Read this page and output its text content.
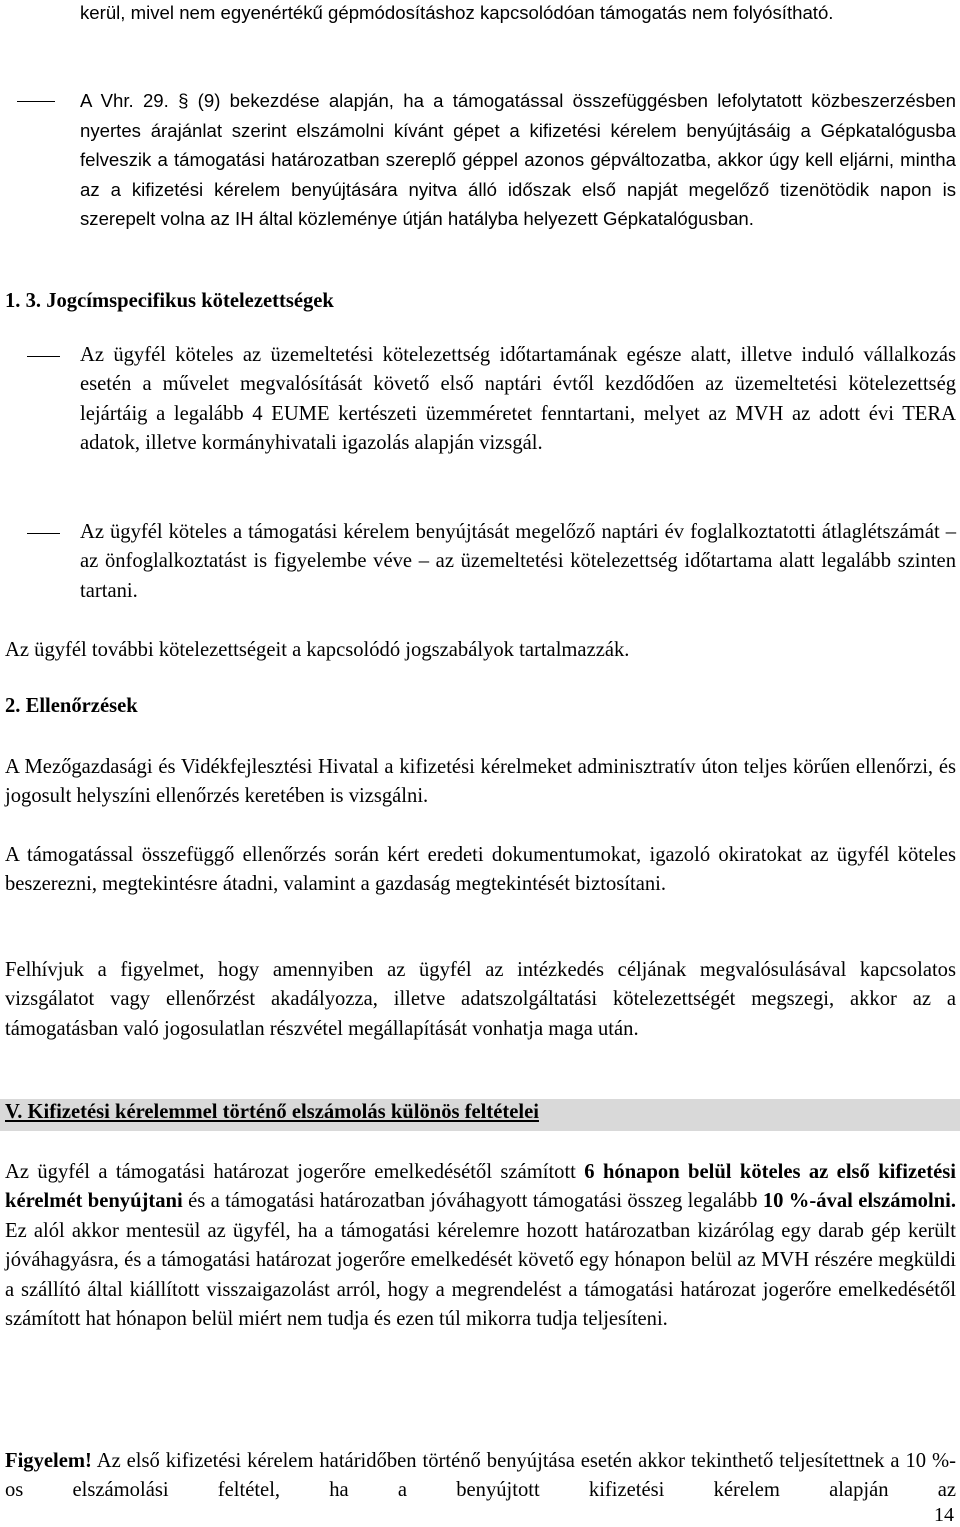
kerül, mivel nem egyenértékű gépmódosításhoz kapcsolódóan támogatás nem folyósítható.

A Vhr. 29. § (9) bekezdése alapján, ha a támogatással összefüggésben lefolytatott közbeszerzésben nyertes árajánlat szerint elszámolni kívánt gépet a kifizetési kérelem benyújtásáig a Gépkatalógusba felveszik a támogatási határozatban szereplő géppel azonos gépváltozatba, akkor úgy kell eljárni, mintha az a kifizetési kérelem benyújtására nyitva álló időszak első napját megelőző tizenötödik napon is szerepelt volna az IH által közleménye útján hatályba helyezett Gépkatalógusban.

1. 3. Jogcímspecifikus kötelezettségek

Az ügyfél köteles az üzemeltetési kötelezettség időtartamának egésze alatt, illetve induló vállalkozás esetén a művelet megvalósítását követő első naptári évtől kezdődően az üzemeltetési kötelezettség lejártáig a legalább 4 EUME kertészeti üzemméretet fenntartani, melyet az MVH az adott évi TERA adatok, illetve kormányhivatali igazolás alapján vizsgál.

Az ügyfél köteles a támogatási kérelem benyújtását megelőző naptári év foglalkoztatotti átlaglétszámát – az önfoglalkoztatást is figyelembe véve – az üzemeltetési kötelezettség időtartama alatt legalább szinten tartani.

Az ügyfél további kötelezettségeit a kapcsolódó jogszabályok tartalmazzák.

2. Ellenőrzések

A Mezőgazdasági és Vidékfejlesztési Hivatal a kifizetési kérelmeket adminisztratív úton teljes körűen ellenőrzi, és jogosult helyszíni ellenőrzés keretében is vizsgálni.

A támogatással összefüggő ellenőrzés során kért eredeti dokumentumokat, igazoló okiratokat az ügyfél köteles beszerezni, megtekintésre átadni, valamint a gazdaság megtekintését biztosítani.

Felhívjuk a figyelmet, hogy amennyiben az ügyfél az intézkedés céljának megvalósulásával kapcsolatos vizsgálatot vagy ellenőrzést akadályozza, illetve adatszolgáltatási kötelezettségét megszegi, akkor az a támogatásban való jogosulatlan részvétel megállapítását vonhatja maga után.

V. Kifizetési kérelemmel történő elszámolás különös feltételei

Az ügyfél a támogatási határozat jogerőre emelkedésétől számított 6 hónapon belül köteles az első kifizetési kérelmét benyújtani és a támogatási határozatban jóváhagyott támogatási összeg legalább 10 %-ával elszámolni. Ez alól akkor mentesül az ügyfél, ha a támogatási kérelemre hozott határozatban kizárólag egy darab gép került jóváhagyásra, és a támogatási határozat jogerőre emelkedését követő egy hónapon belül az MVH részére megküldi a szállító által kiállított visszaigazolást arról, hogy a megrendelést a támogatási határozat jogerőre emelkedésétől számított hat hónapon belül miért nem tudja és ezen túl mikorra tudja teljesíteni.

Figyelem! Az első kifizetési kérelem határidőben történő benyújtása esetén akkor tekinthető teljesítettnek a 10 %-os elszámolási feltétel, ha a benyújtott kifizetési kérelem alapján az

14
